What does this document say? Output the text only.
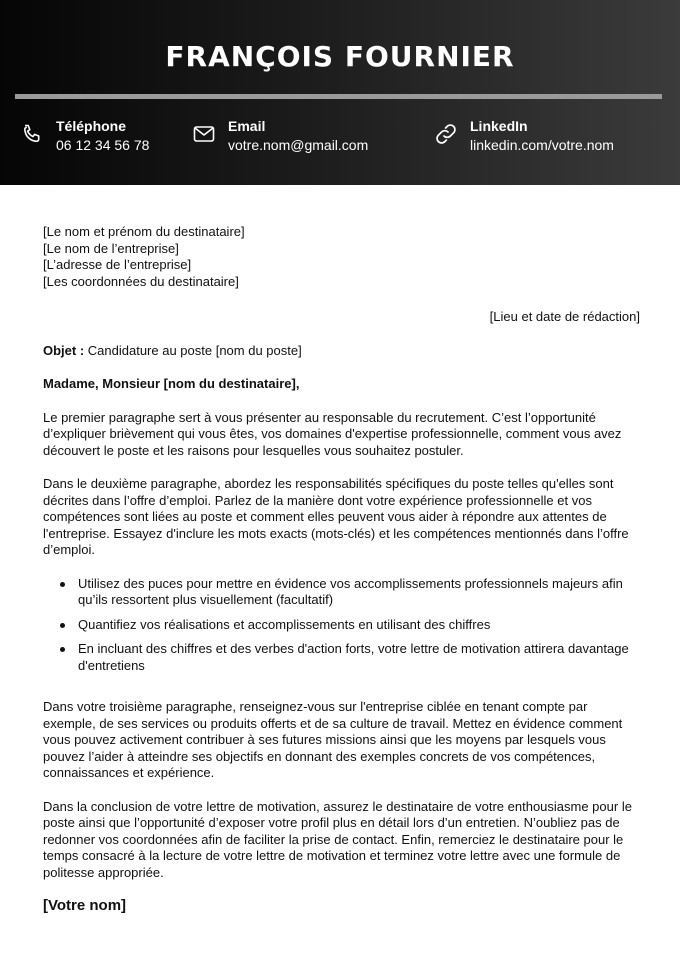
FRANÇOIS FOURNIER
Téléphone
06 12 34 56 78
Email
votre.nom@gmail.com
LinkedIn
linkedin.com/votre.nom
[Le nom et prénom du destinataire]
[Le nom de l’entreprise]
[L’adresse de l’entreprise]
[Les coordonnées du destinataire]
[Lieu et date de rédaction]
Objet : Candidature au poste [nom du poste]
Madame, Monsieur [nom du destinataire],

Le premier paragraphe sert à vous présenter au responsable du recrutement. C’est l’opportunité d’expliquer brièvement qui vous êtes, vos domaines d'expertise professionnelle, comment vous avez découvert le poste et les raisons pour lesquelles vous souhaitez postuler.

Dans le deuxième paragraphe, abordez les responsabilités spécifiques du poste telles qu'elles sont décrites dans l’offre d’emploi. Parlez de la manière dont votre expérience professionnelle et vos compétences sont liées au poste et comment elles peuvent vous aider à répondre aux attentes de l'entreprise. Essayez d'inclure les mots exacts (mots-clés) et les compétences mentionnés dans l’offre d’emploi.

Utilisez des puces pour mettre en évidence vos accomplissements professionnels majeurs afin qu’ils ressortent plus visuellement (facultatif)
Quantifiez vos réalisations et accomplissements en utilisant des chiffres
En incluant des chiffres et des verbes d'action forts, votre lettre de motivation attirera davantage d'entretiens

Dans votre troisième paragraphe, renseignez-vous sur l'entreprise ciblée en tenant compte par exemple, de ses services ou produits offerts et de sa culture de travail. Mettez en évidence comment vous pouvez activement contribuer à ses futures missions ainsi que les moyens par lesquels vous pouvez l’aider à atteindre ses objectifs en donnant des exemples concrets de vos compétences, connaissances et expérience.

Dans la conclusion de votre lettre de motivation, assurez le destinataire de votre enthousiasme pour le poste ainsi que l’opportunité d’exposer votre profil plus en détail lors d’un entretien. N’oubliez pas de redonner vos coordonnées afin de faciliter la prise de contact. Enfin, remerciez le destinataire pour le temps consacré à la lecture de votre lettre de motivation et terminez votre lettre avec une formule de politesse appropriée.

[Votre nom]
